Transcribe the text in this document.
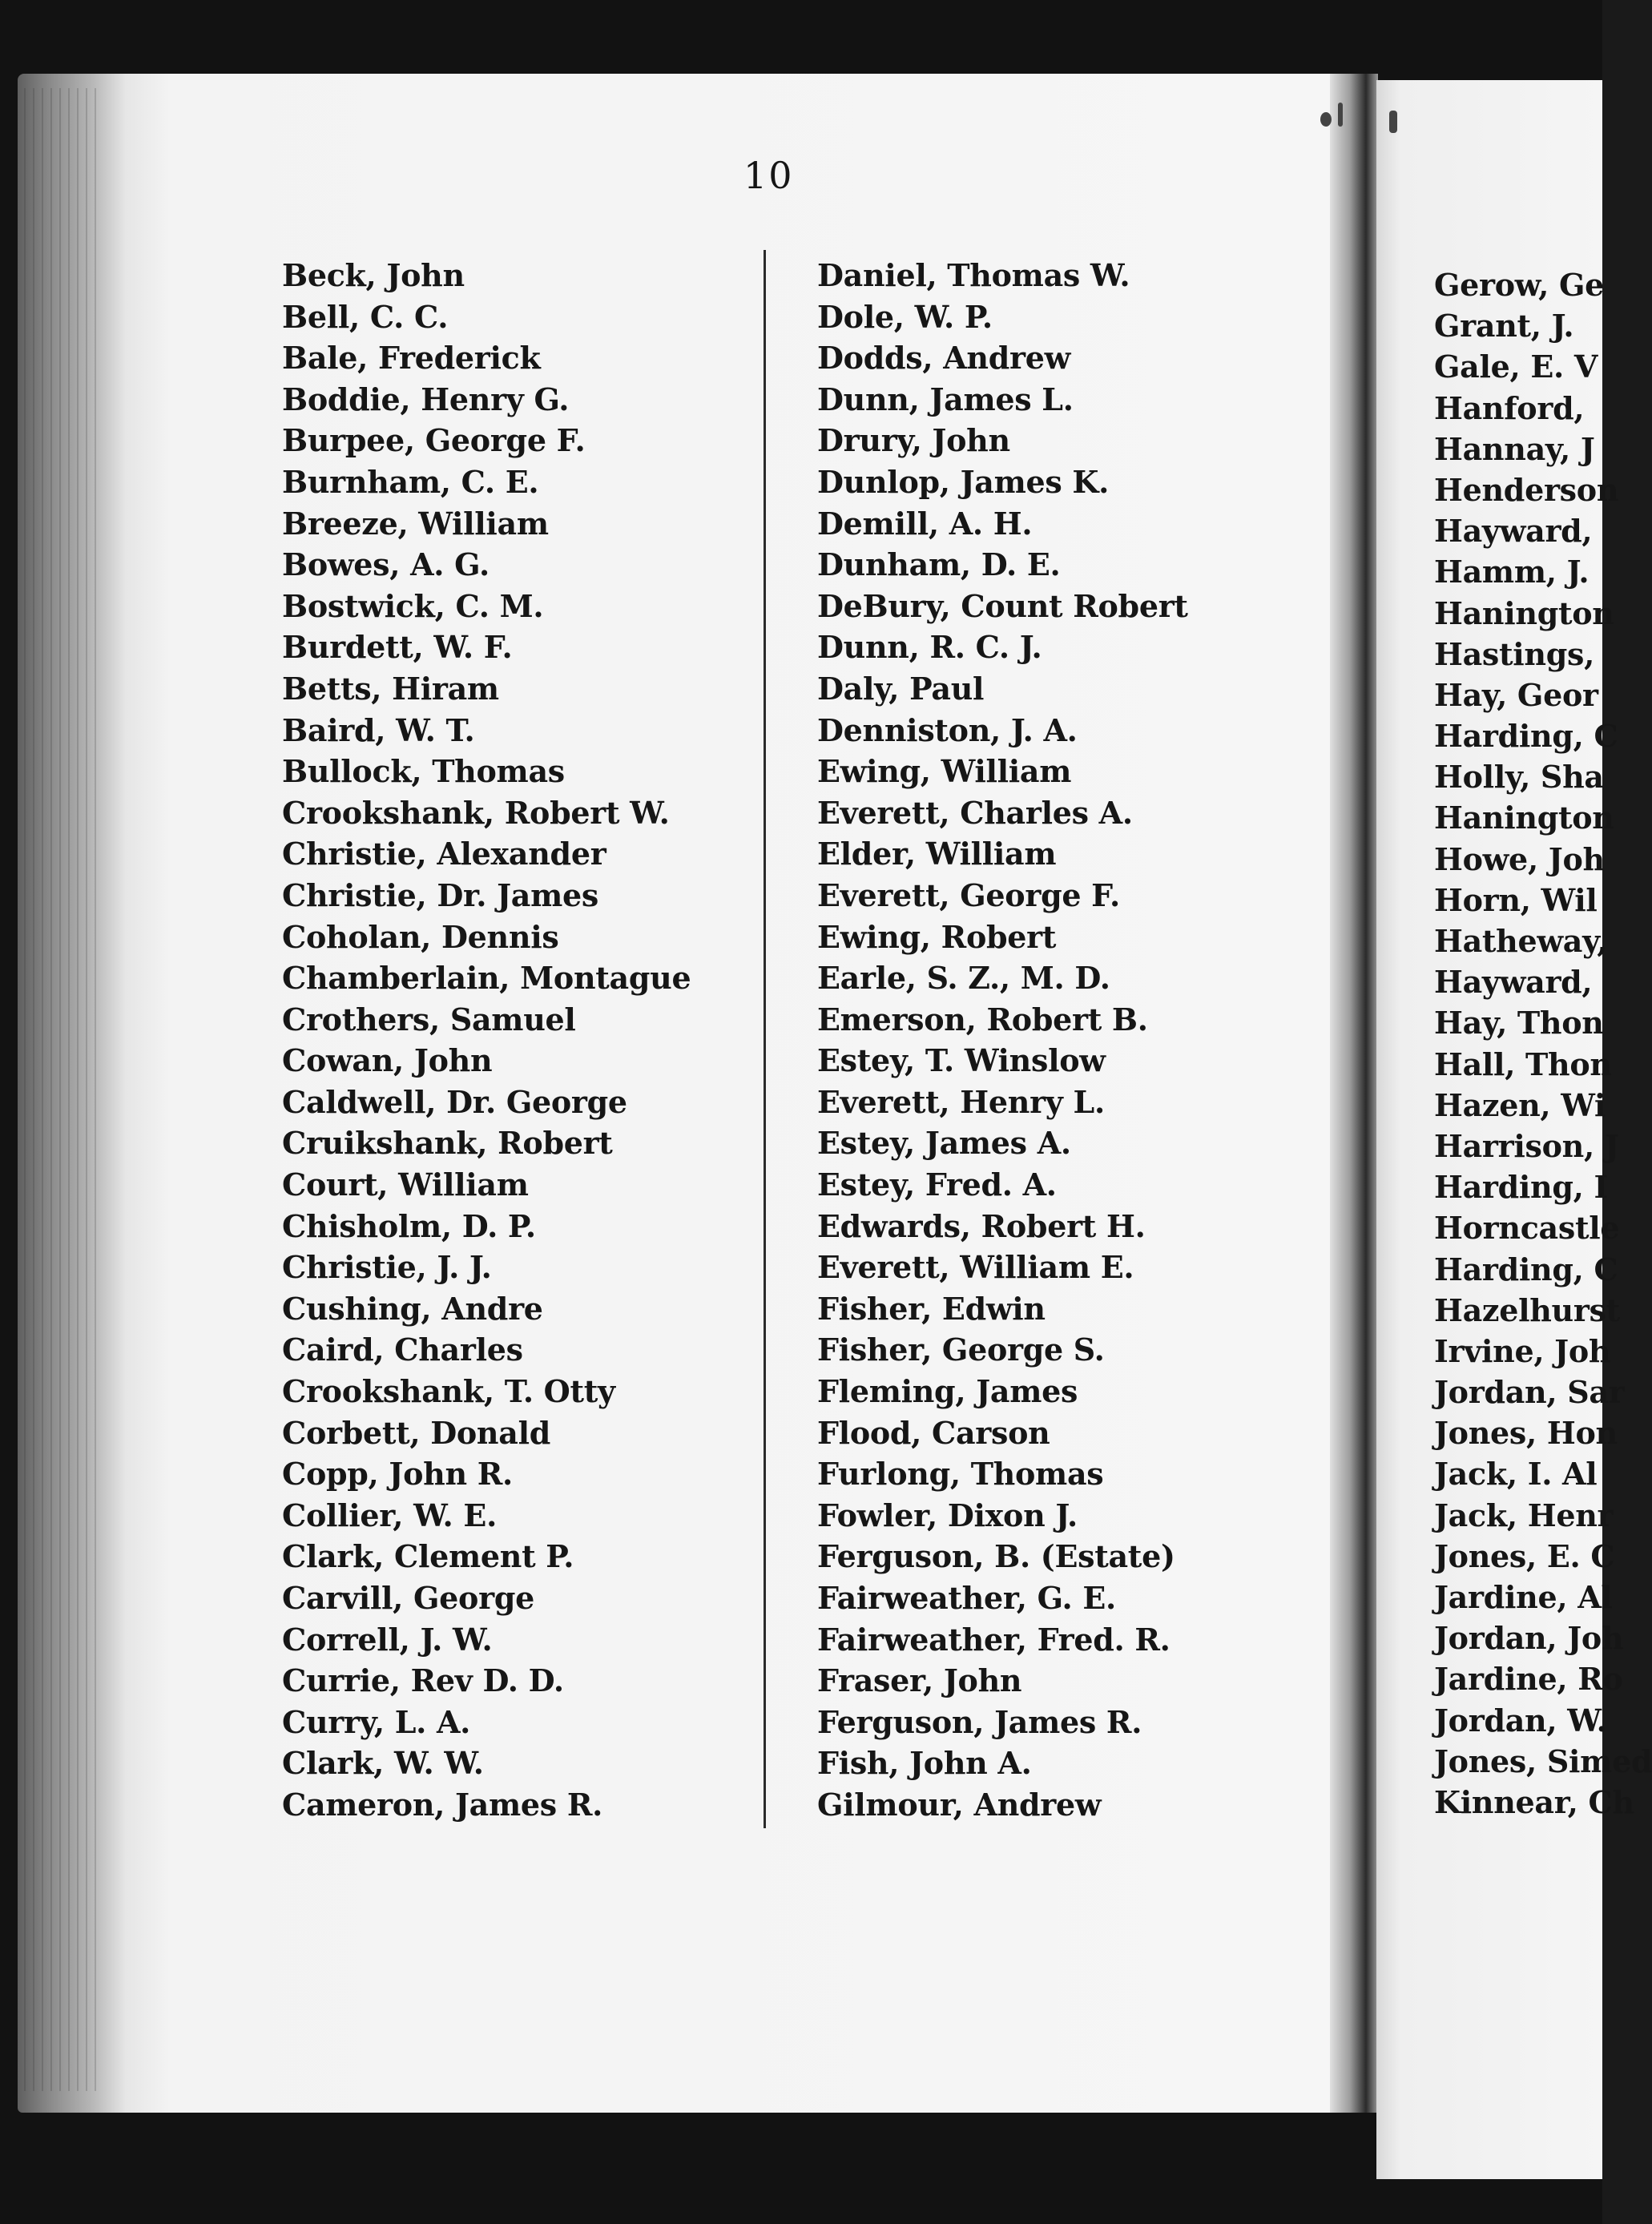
10
Beck, John
Bell, C. C.
Bale, Frederick
Boddie, Henry G.
Burpee, George F.
Burnham, C. E.
Breeze, William
Bowes, A. G.
Bostwick, C. M.
Burdett, W. F.
Betts, Hiram
Baird, W. T.
Bullock, Thomas
Crookshank, Robert W.
Christie, Alexander
Christie, Dr. James
Coholan, Dennis
Chamberlain, Montague
Crothers, Samuel
Cowan, John
Caldwell, Dr. George
Cruikshank, Robert
Court, William
Chisholm, D. P.
Christie, J. J.
Cushing, Andre
Caird, Charles
Crookshank, T. Otty
Corbett, Donald
Copp, John R.
Collier, W. E.
Clark, Clement P.
Carvill, George
Correll, J. W.
Currie, Rev D. D.
Curry, L. A.
Clark, W. W.
Cameron, James R.
Daniel, Thomas W.
Dole, W. P.
Dodds, Andrew
Dunn, James L.
Drury, John
Dunlop, James K.
Demill, A. H.
Dunham, D. E.
DeBury, Count Robert
Dunn, R. C. J.
Daly, Paul
Denniston, J. A.
Ewing, William
Everett, Charles A.
Elder, William
Everett, George F.
Ewing, Robert
Earle, S. Z., M. D.
Emerson, Robert B.
Estey, T. Winslow
Everett, Henry L.
Estey, James A.
Estey, Fred. A.
Edwards, Robert H.
Everett, William E.
Fisher, Edwin
Fisher, George S.
Fleming, James
Flood, Carson
Furlong, Thomas
Fowler, Dixon J.
Ferguson, B. (Estate)
Fairweather, G. E.
Fairweather, Fred. R.
Fraser, John
Ferguson, James R.
Fish, John A.
Gilmour, Andrew
Gerow, Ge
Grant, J.
Gale, E. V
Hanford,
Hannay, J
Henderson
Hayward,
Hamm, J.
Hanington
Hastings,
Hay, Geor
Harding, C
Holly, Sha
Hanington
Howe, Joh
Horn, Wil
Hatheway,
Hayward,
Hay, Thon
Hall, Thon
Hazen, Wi
Harrison, J
Harding, I
Horncastle
Harding, C
Hazelhurst
Irvine, Joh
Jordan, Sar
Jones, Hon
Jack, I. Al
Jack, Henr
Jones, E. C
Jardine, Al
Jordan, Joh
Jardine, Ro
Jordan, W.
Jones, Simed
Kinnear, Ch
